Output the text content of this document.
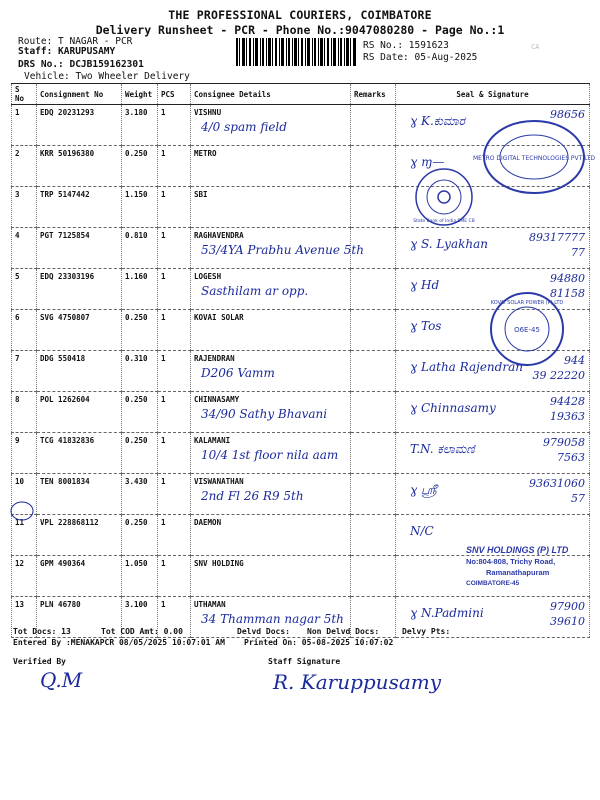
THE PROFESSIONAL COURIERS, COIMBATORE
Delivery Runsheet - PCR - Phone No.:9047080280 - Page No.:1
Route: T NAGAR - PCR
Staff: KARUPUSAMY
DRS No.: DCJB159162301
Vehicle: Two Wheeler Delivery
RS No.: 1591623
RS Date: 05-Aug-2025
CA
S No	Consignment No	Weight	PCS	Consignee Details	Remarks	Seal & Signature
1	EDQ 20231293	3.180	1	VISHNU
4/0 spam field		ɣ K.ಕುಮಾರ 98656

2	KRR 50196380	0.250	1	METRO		ɣ ɱ—

3	TRP 5147442	1.150	1	SBI

4	PGT 7125854	0.810	1	RAGHAVENDRA
53/4YA Prabhu Avenue 5th		ɣ S. Lyakhan 89317777
77

5	EDQ 23303196	1.160	1	LOGESH
Sasthilam ar opp.		ɣ Hd 94880
81158

6	SVG 4750807	0.250	1	KOVAI SOLAR		ɣ Tos

7	DDG 550418	0.310	1	RAJENDRAN
D206 Vamm		ɣ Latha Rajendran 944
39 22220

8	POL 1262604	0.250	1	CHINNASAMY
34/90 Sathy Bhavani		ɣ Chinnasamy 94428
19363

9	TCG 41832836	0.250	1	KALAMANI
10/4 1st floor nila aam		T.N. ಕಲಾಮಣಿ 979058
7563

10	TEN 8001834	3.430	1	VISWANATHAN
2nd Fl 26 R9 5th		ɣ ஸ்ரீ 93631060
57

11	VPL 228868112	0.250	1	DAEMON		N/C

12	GPM 490364	1.050	1	SNV HOLDING

13	PLN 46780	3.100	1	UTHAMAN
34 Thamman nagar 5th		ɣ N.Padmini 97900
39610
METRO DIGITAL TECHNOLOGIES PVT LTD
State Bank of India SME CB
KOVAI SOLAR POWER (P) LTD
O6E-45
SNV HOLDINGS (P) LTD
No:804-808, Trichy Road,
Ramanathapuram
COIMBATORE-45
Tot Docs: 13	Tot COD Amt: 0.00	Delvd Docs: Non Delvd Docs:	Delvy Pts:
Entered By :MENAKAPCR 08/05/2025 10:07:01 AM Printed On: 05-08-2025 10:07:02
Verified By	Staff Signature
Q.M	R. Karuppusamy
